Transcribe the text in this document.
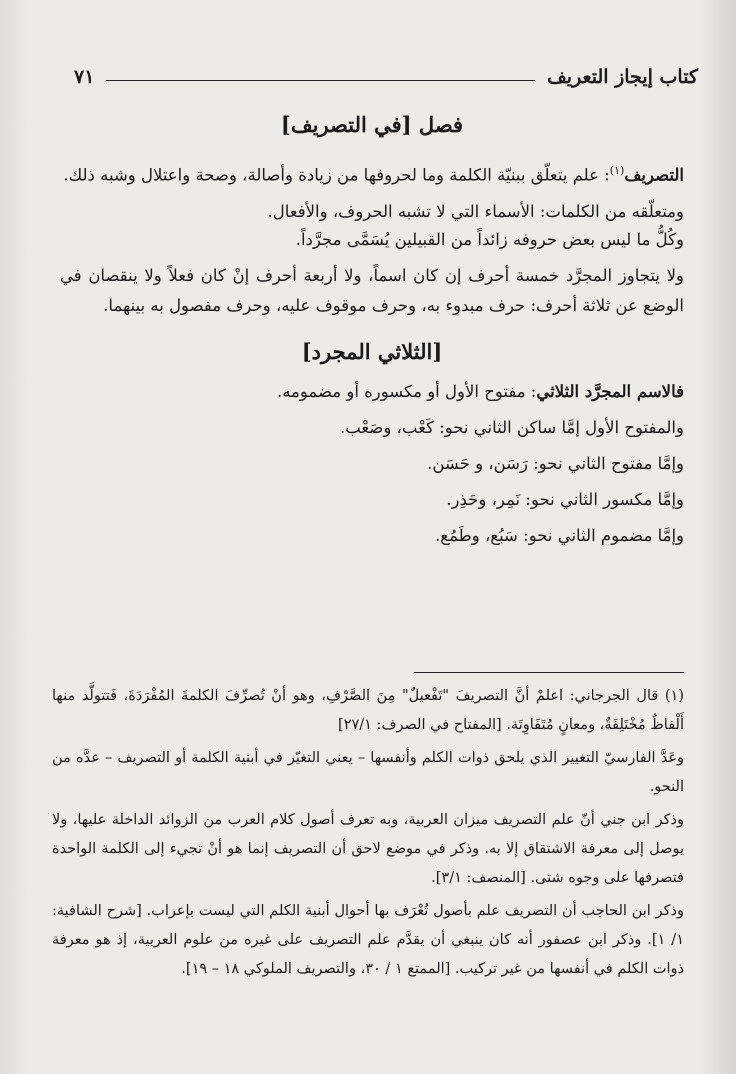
كتاب إيجاز التعريف
٧١
فصل [في التصريف]

التصريف$^{(١)}$: علم يتعلّق ببنيّة الكلمة وما لحروفها من زيادة وأصالة، وصحة واعتلال وشبه ذلك.

ومتعلّقه من الكلمات: الأسماء التي لا تشبه الحروف، والأفعال.

وكُلُّ ما ليس بعض حروفه زائداً من القبيلين يُسَمَّى مجرَّداً.

ولا يتجاوز المجرَّد خمسة أحرف إن كان اسماً، ولا أربعة أحرف إنْ كان فعلاً ولا ينقصان في الوضع عن ثلاثة أحرف: حرف مبدوء به، وحرف موقوف عليه، وحرف مفصول به بينهما.

[الثلاثي المجرد]

فالاسم المجرَّد الثلاثي: مفتوح الأول أو مكسوره أو مضمومه.

والمفتوح الأول إمَّا ساكن الثاني نحو: كَعْب، وصَعْب.

وإمَّا مفتوح الثاني نحو: رَسَن، و حَسَن.

وإمَّا مكسور الثاني نحو: نَمِر، وحَذِر.

وإمَّا مضموم الثاني نحو: سَبُع، وطَمُع.

(١) قال الجرجاني: اعلمْ أنَّ التصريفَ "تَفْعيلٌ" مِنَ الصَّرْفِ، وهو أنْ تُصرِّفَ الكلمةَ المُفْرَدَةَ، فَتتولَّد منها أَلْفاظٌ مُخْتَلِفَةٌ، ومعانٍ مُتَفَاوِتَة. [المفتاح في الصرف: ٢٧/١]

وعَدَّ الفارسيّ التغيير الذي يلحق ذوات الكلم وأنفسها – يعني التغيّر في أبنية الكلمة أو التصريف – عدَّه من النحو.

وذكر ابن جني أنّ علم التصريف ميزان العربية، وبه تعرف أصول كلام العرب من الزوائد الداخلة عليها، ولا يوصل إلى معرفة الاشتقاق إلا به. وذكر في موضع لاحق أن التصريف إنما هو أنْ تجيء إلى الكلمة الواحدة فتصرفها على وجوه شتى. [المنصف: ٣/١].

وذكر ابن الحاجب أن التصريف علم بأصول تُعْرَف بها أحوال أبنية الكلم التي ليست بإعراب. [شرح الشافية: ١/ ١]. وذكر ابن عصفور أنه كان ينبغي أن يقدَّم علم التصريف على غيره من علوم العربية، إذ هو معرفة ذوات الكلم في أنفسها من غير تركيب. [الممتع ١ / ٣٠، والتصريف الملوكي ١٨ – ١٩].
